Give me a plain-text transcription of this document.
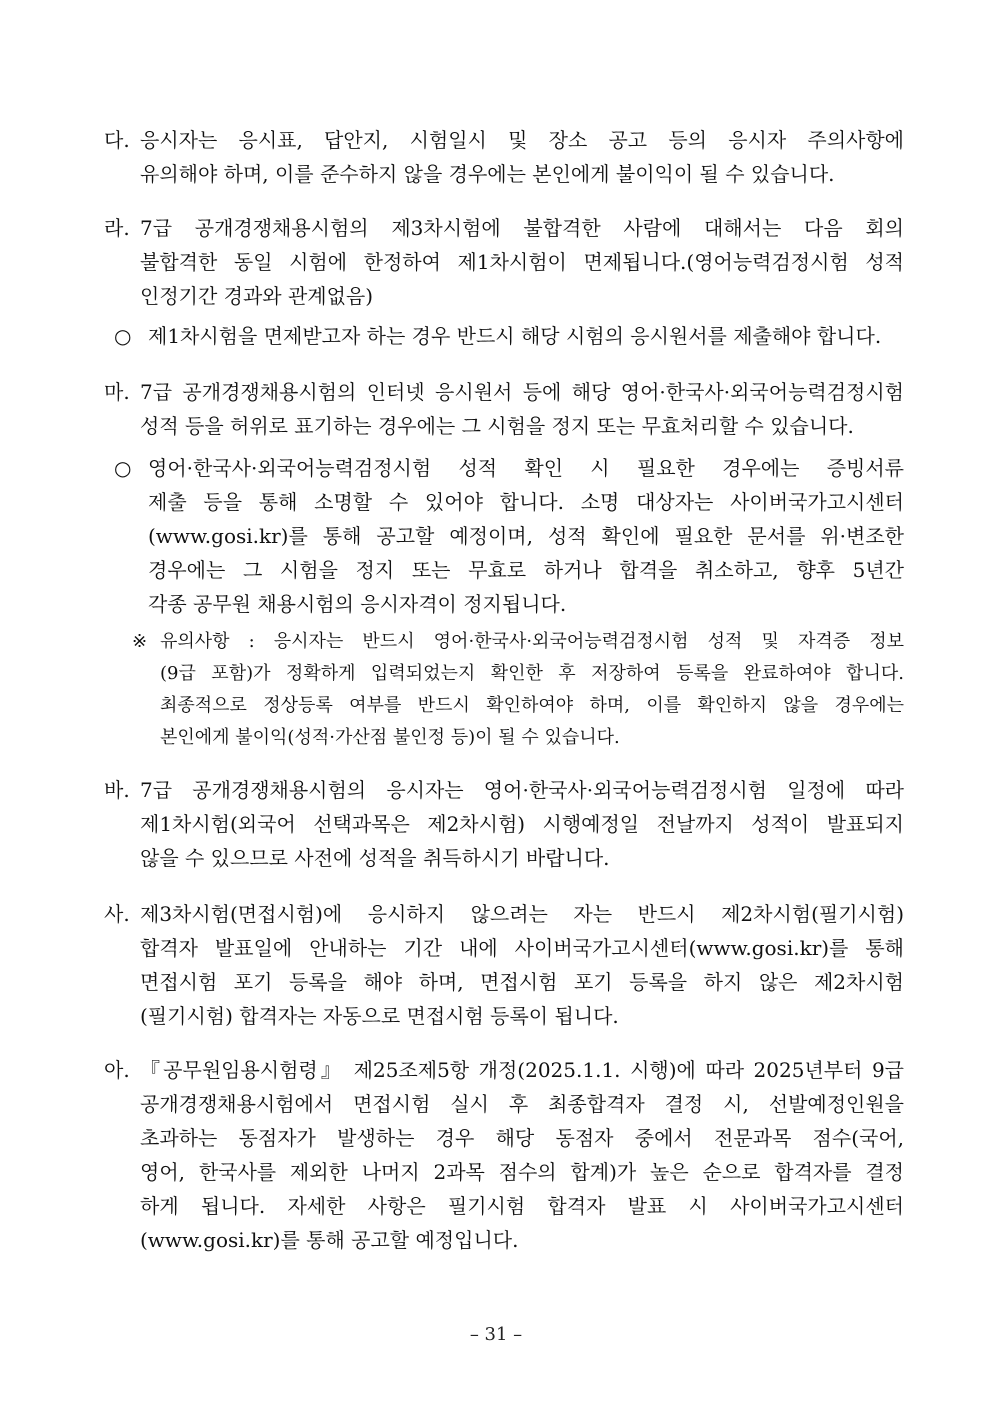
다. 응시자는 응시표, 답안지, 시험일시 및 장소 공고 등의 응시자 주의사항에
유의해야 하며, 이를 준수하지 않을 경우에는 본인에게 불이익이 될 수 있습니다.
라. 7급 공개경쟁채용시험의 제3차시험에 불합격한 사람에 대해서는 다음 회의
불합격한 동일 시험에 한정하여 제1차시험이 면제됩니다.(영어능력검정시험 성적
인정기간 경과와 관계없음)
○ 제1차시험을 면제받고자 하는 경우 반드시 해당 시험의 응시원서를 제출해야 합니다.
마. 7급 공개경쟁채용시험의 인터넷 응시원서 등에 해당 영어·한국사·외국어능력검정시험
성적 등을 허위로 표기하는 경우에는 그 시험을 정지 또는 무효처리할 수 있습니다.
○ 영어·한국사·외국어능력검정시험 성적 확인 시 필요한 경우에는 증빙서류
제출 등을 통해 소명할 수 있어야 합니다. 소명 대상자는 사이버국가고시센터
(www.gosi.kr)를 통해 공고할 예정이며, 성적 확인에 필요한 문서를 위·변조한
경우에는 그 시험을 정지 또는 무효로 하거나 합격을 취소하고, 향후 5년간
각종 공무원 채용시험의 응시자격이 정지됩니다.
※ 유의사항 : 응시자는 반드시 영어·한국사·외국어능력검정시험 성적 및 자격증 정보
(9급 포함)가 정확하게 입력되었는지 확인한 후 저장하여 등록을 완료하여야 합니다.
최종적으로 정상등록 여부를 반드시 확인하여야 하며, 이를 확인하지 않을 경우에는
본인에게 불이익(성적·가산점 불인정 등)이 될 수 있습니다.
바. 7급 공개경쟁채용시험의 응시자는 영어·한국사·외국어능력검정시험 일정에 따라
제1차시험(외국어 선택과목은 제2차시험) 시행예정일 전날까지 성적이 발표되지
않을 수 있으므로 사전에 성적을 취득하시기 바랍니다.
사. 제3차시험(면접시험)에 응시하지 않으려는 자는 반드시 제2차시험(필기시험)
합격자 발표일에 안내하는 기간 내에 사이버국가고시센터(www.gosi.kr)를 통해
면접시험 포기 등록을 해야 하며, 면접시험 포기 등록을 하지 않은 제2차시험
(필기시험) 합격자는 자동으로 면접시험 등록이 됩니다.
아. 『공무원임용시험령』 제25조제5항 개정(2025.1.1. 시행)에 따라 2025년부터 9급
공개경쟁채용시험에서 면접시험 실시 후 최종합격자 결정 시, 선발예정인원을
초과하는 동점자가 발생하는 경우 해당 동점자 중에서 전문과목 점수(국어,
영어, 한국사를 제외한 나머지 2과목 점수의 합계)가 높은 순으로 합격자를 결정
하게 됩니다. 자세한 사항은 필기시험 합격자 발표 시 사이버국가고시센터
(www.gosi.kr)를 통해 공고할 예정입니다.
– 31 –
